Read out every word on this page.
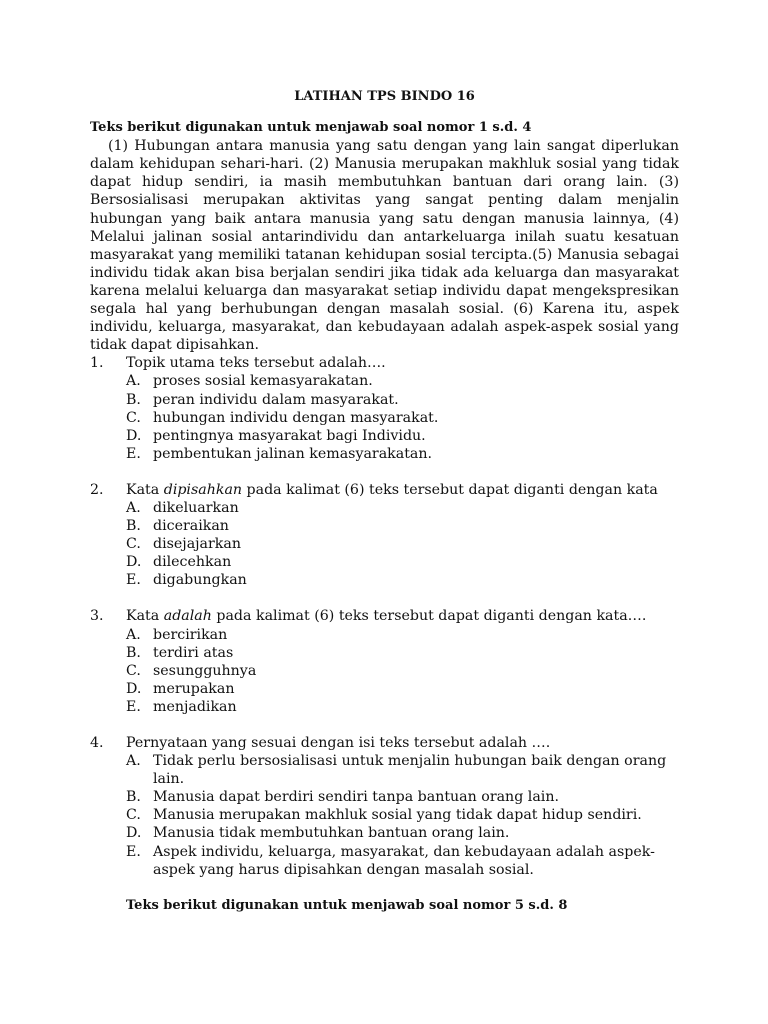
LATIHAN TPS BINDO 16

Teks berikut digunakan untuk menjawab soal nomor 1 s.d. 4

(1) Hubungan antara manusia yang satu dengan yang lain sangat diperlukan dalam kehidupan sehari-hari. (2) Manusia merupakan makhluk sosial yang tidak dapat hidup sendiri, ia masih membutuhkan bantuan dari orang lain. (3) Bersosialisasi merupakan aktivitas yang sangat penting dalam menjalin hubungan yang baik antara manusia yang satu dengan manusia lainnya, (4) Melalui jalinan sosial antarindividu dan antarkeluarga inilah suatu kesatuan masyarakat yang memiliki tatanan kehidupan sosial tercipta.(5) Manusia sebagai individu tidak akan bisa berjalan sendiri jika tidak ada keluarga dan masyarakat karena melalui keluarga dan masyarakat setiap individu dapat mengekspresikan segala hal yang berhubungan dengan masalah sosial. (6) Karena itu, aspek individu, keluarga, masyarakat, dan kebudayaan adalah aspek-aspek sosial yang tidak dapat dipisahkan.

1. Topik utama teks tersebut adalah….
A. proses sosial kemasyarakatan.
B. peran individu dalam masyarakat.
C. hubungan individu dengan masyarakat.
D. pentingnya masyarakat bagi Individu.
E. pembentukan jalinan kemasyarakatan.
2. Kata dipisahkan pada kalimat (6) teks tersebut dapat diganti dengan kata
A. dikeluarkan
B. diceraikan
C. disejajarkan
D. dilecehkan
E. digabungkan
3. Kata adalah pada kalimat (6) teks tersebut dapat diganti dengan kata….
A. bercirikan
B. terdiri atas
C. sesungguhnya
D. merupakan
E. menjadikan
4. Pernyataan yang sesuai dengan isi teks tersebut adalah ….
A. Tidak perlu bersosialisasi untuk menjalin hubungan baik dengan orang lain.
B. Manusia dapat berdiri sendiri tanpa bantuan orang lain.
C. Manusia merupakan makhluk sosial yang tidak dapat hidup sendiri.
D. Manusia tidak membutuhkan bantuan orang lain.
E. Aspek individu, keluarga, masyarakat, dan kebudayaan adalah aspek-aspek yang harus dipisahkan dengan masalah sosial.

Teks berikut digunakan untuk menjawab soal nomor 5 s.d. 8
